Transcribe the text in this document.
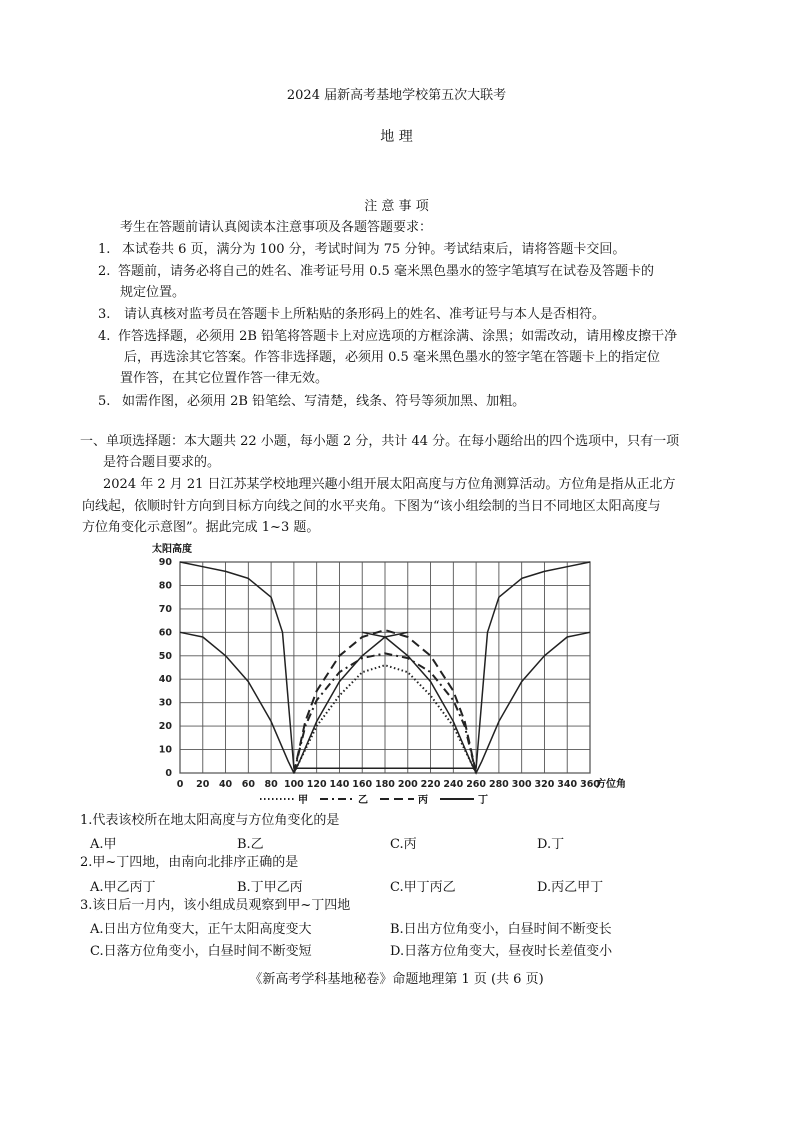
2024 届新高考基地学校第五次大联考
地 理
注 意 事 项
考生在答题前请认真阅读本注意事项及各题答题要求：
1. 本试卷共 6 页，满分为 100 分，考试时间为 75 分钟。考试结束后，请将答题卡交回。
2. 答题前，请务必将自己的姓名、准考证号用 0.5 毫米黑色墨水的签字笔填写在试卷及答题卡的
规定位置。
3. 请认真核对监考员在答题卡上所粘贴的条形码上的姓名、准考证号与本人是否相符。
4. 作答选择题，必须用 2B 铅笔将答题卡上对应选项的方框涂满、涂黑；如需改动，请用橡皮擦干净
后，再选涂其它答案。作答非选择题，必须用 0.5 毫米黑色墨水的签字笔在答题卡上的指定位
置作答，在其它位置作答一律无效。
5. 如需作图，必须用 2B 铅笔绘、写清楚，线条、符号等须加黑、加粗。
一、单项选择题：本大题共 22 小题，每小题 2 分，共计 44 分。在每小题给出的四个选项中，只有一项
是符合题目要求的。
2024 年 2 月 21 日江苏某学校地理兴趣小组开展太阳高度与方位角测算活动。方位角是指从正北方
向线起，依顺时针方向到目标方向线之间的水平夹角。下图为“该小组绘制的当日不同地区太阳高度与
方位角变化示意图”。据此完成 1~3 题。
0 20 40 60 80 100 120 140 160 180 200 220 240 260 280 300 320 340 360
0
10
20
30
40
50
60
70
80
90
太阳高度
方位角
甲	乙	丙	丁
1.代表该校所在地太阳高度与方位角变化的是
A.甲	B.乙	C.丙	D.丁
2.甲~丁四地，由南向北排序正确的是
A.甲乙丙丁	B.丁甲乙丙	C.甲丁丙乙	D.丙乙甲丁
3.该日后一月内，该小组成员观察到甲~丁四地
A.日出方位角变大，正午太阳高度变大	B.日出方位角变小，白昼时间不断变长
C.日落方位角变小，白昼时间不断变短	D.日落方位角变大，昼夜时长差值变小
《新高考学科基地秘卷》命题地理第 1 页 (共 6 页)
